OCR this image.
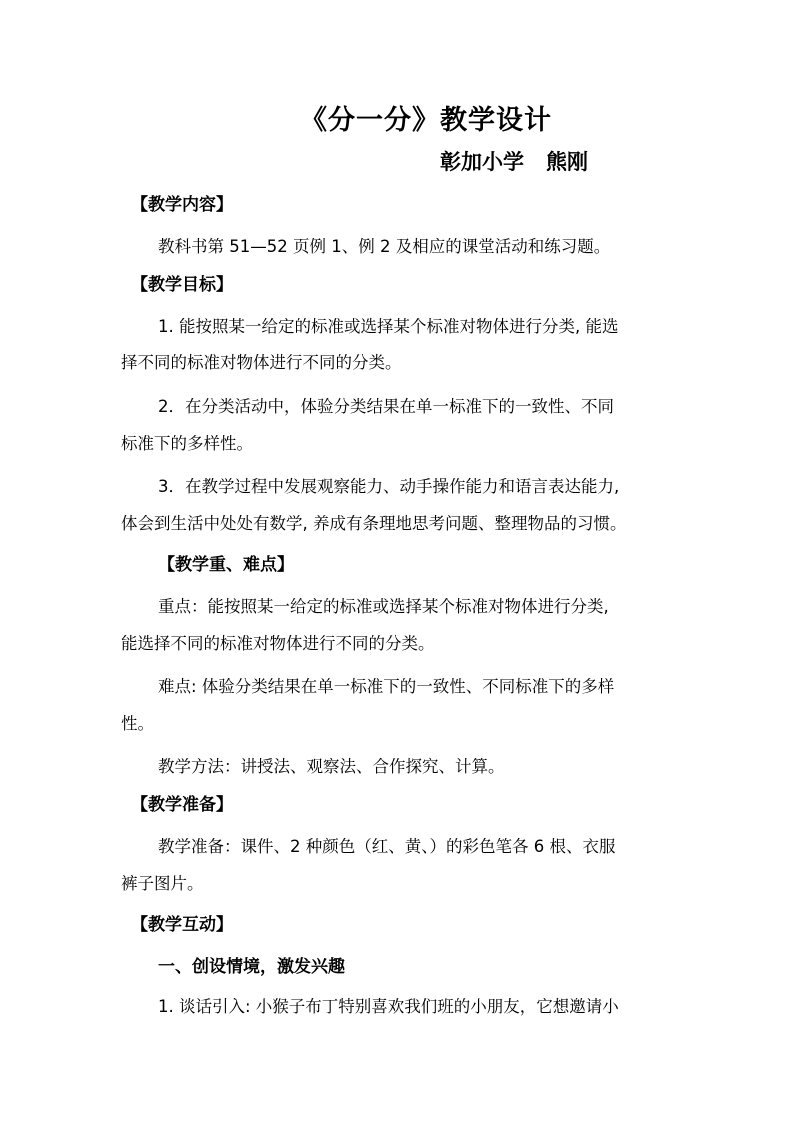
《分一分》教学设计
彰加小学 熊刚
【教学内容】
教科书第 51—52 页例 1、例 2 及相应的课堂活动和练习题。
【教学目标】
1. 能按照某一给定的标准或选择某个标准对物体进行分类, 能选
择不同的标准对物体进行不同的分类。
2．在分类活动中，体验分类结果在单一标准下的一致性、不同
标准下的多样性。
3．在教学过程中发展观察能力、动手操作能力和语言表达能力,
体会到生活中处处有数学, 养成有条理地思考问题、整理物品的习惯。
【教学重、难点】
重点：能按照某一给定的标准或选择某个标准对物体进行分类,
能选择不同的标准对物体进行不同的分类。
难点: 体验分类结果在单一标准下的一致性、不同标准下的多样
性。
教学方法：讲授法、观察法、合作探究、计算。
【教学准备】
教学准备：课件、2 种颜色（红、黄、）的彩色笔各 6 根、衣服
裤子图片。
【教学互动】
一、创设情境，激发兴趣
1. 谈话引入: 小猴子布丁特别喜欢我们班的小朋友，它想邀请小
